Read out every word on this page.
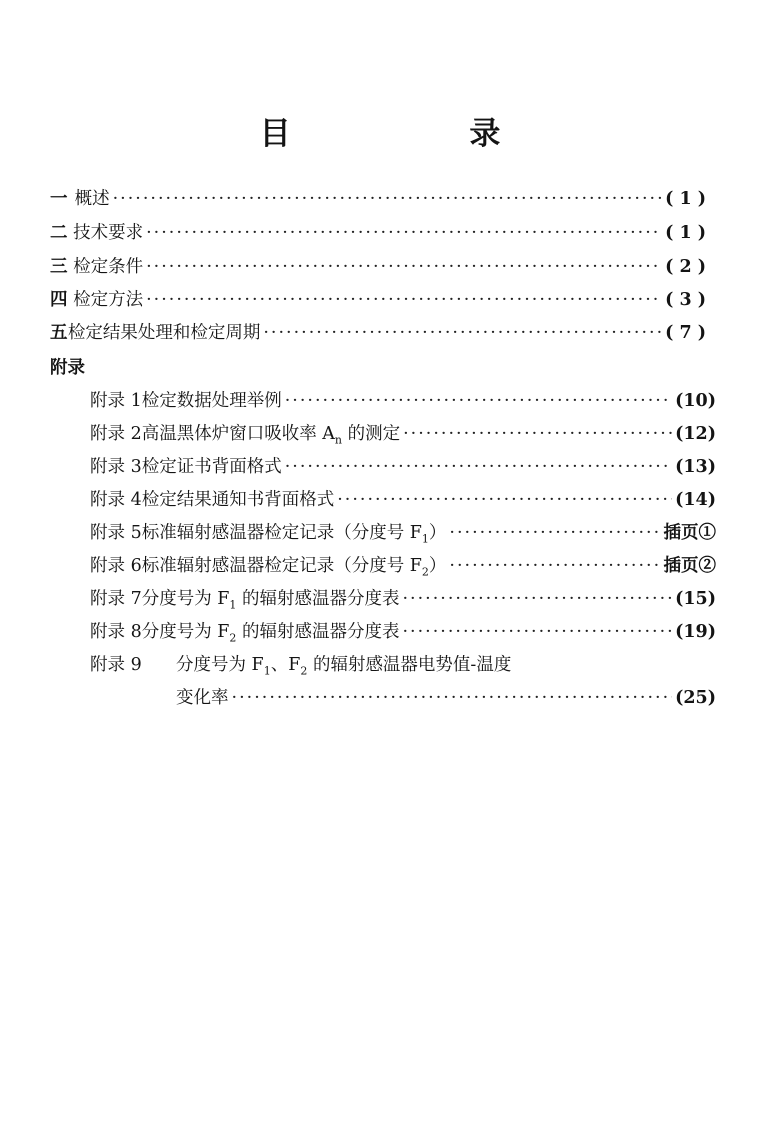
目 录
一 概述 ·····	( 1 )
二 技术要求 ·····	( 1 )
三 检定条件 ·····	( 2 )
四 检定方法 ·····	( 3 )
五 检定结果处理和检定周期 ·····	( 7 )
附录
附录 1 检定数据处理举例 ·····	(10)
附录 2 高温黑体炉窗口吸收率 $A_n$ 的测定 ·····	(12)
附录 3 检定证书背面格式 ·····	(13)
附录 4 检定结果通知书背面格式 ·····	(14)
附录 5 标准辐射感温器检定记录（分度号 $F_1$） ·····	插页①
附录 6 标准辐射感温器检定记录（分度号 $F_2$） ·····	插页②
附录 7 分度号为 $F_1$ 的辐射感温器分度表 ·····	(15)
附录 8 分度号为 $F_2$ 的辐射感温器分度表 ·····	(19)
附录 9	分度号为 $F_1$、$F_2$ 的辐射感温器电势值-温度
变化率 ·····	(25)
